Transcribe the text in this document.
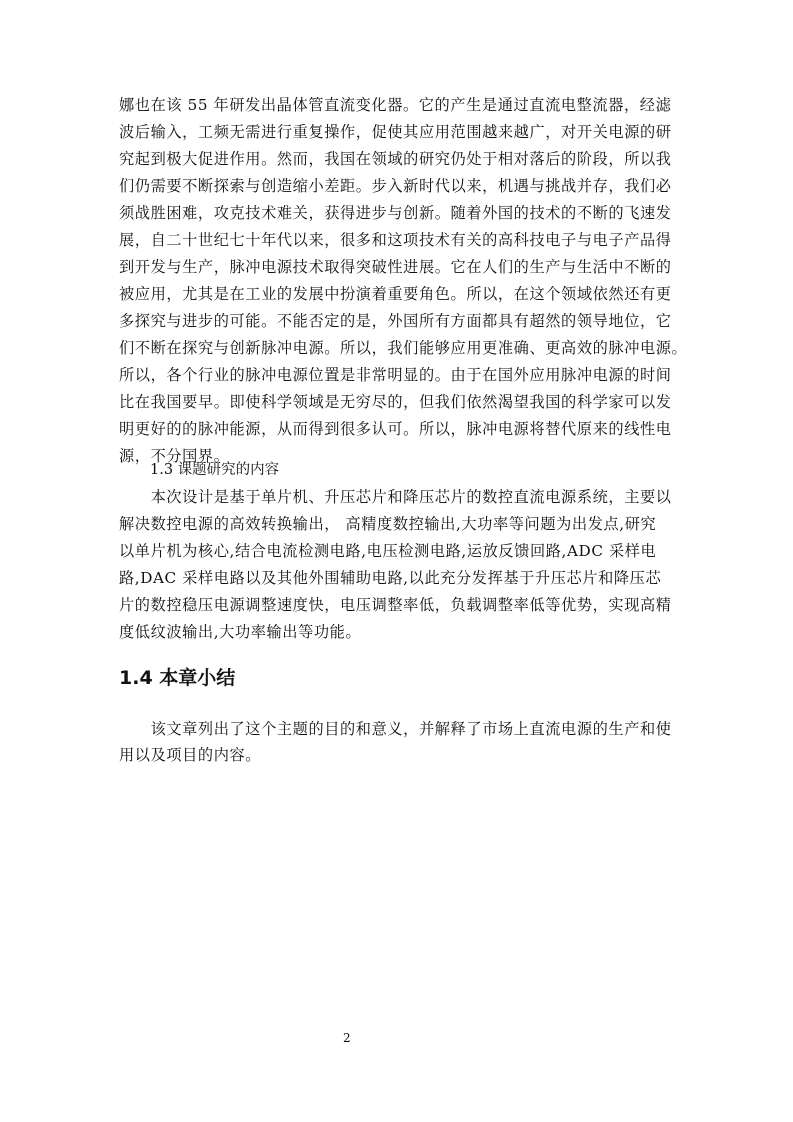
娜也在该 55 年研发出晶体管直流变化器。它的产生是通过直流电整流器，经滤
波后输入，工频无需进行重复操作，促使其应用范围越来越广，对开关电源的研
究起到极大促进作用。然而，我国在领域的研究仍处于相对落后的阶段，所以我
们仍需要不断探索与创造缩小差距。步入新时代以来，机遇与挑战并存，我们必
须战胜困难，攻克技术难关，获得进步与创新。随着外国的技术的不断的飞速发
展，自二十世纪七十年代以来，很多和这项技术有关的高科技电子与电子产品得
到开发与生产，脉冲电源技术取得突破性进展。它在人们的生产与生活中不断的
被应用，尤其是在工业的发展中扮演着重要角色。所以，在这个领域依然还有更
多探究与进步的可能。不能否定的是，外国所有方面都具有超然的领导地位，它
们不断在探究与创新脉冲电源。所以，我们能够应用更准确、更高效的脉冲电源。
所以，各个行业的脉冲电源位置是非常明显的。由于在国外应用脉冲电源的时间
比在我国要早。即使科学领域是无穷尽的，但我们依然渴望我国的科学家可以发
明更好的的脉冲能源，从而得到很多认可。所以，脉冲电源将替代原来的线性电
源，不分国界。
1.3 课题研究的内容
1.4 本章小结
　　该文章列出了这个主题的目的和意义，并解释了市场上直流电源的生产和使
用以及项目的内容。
2
　　本次设计是基于单片机、升压芯片和降压芯片的数控直流电源系统，主要以
解决数控电源的高效转换输出， 高精度数控输出,大功率等问题为出发点,研究
以单片机为核心,结合电流检测电路,电压检测电路,运放反馈回路,ADC 采样电
路,DAC 采样电路以及其他外围辅助电路,以此充分发挥基于升压芯片和降压芯
片的数控稳压电源调整速度快，电压调整率低，负载调整率低等优势，实现高精
度低纹波输出,大功率输出等功能。
